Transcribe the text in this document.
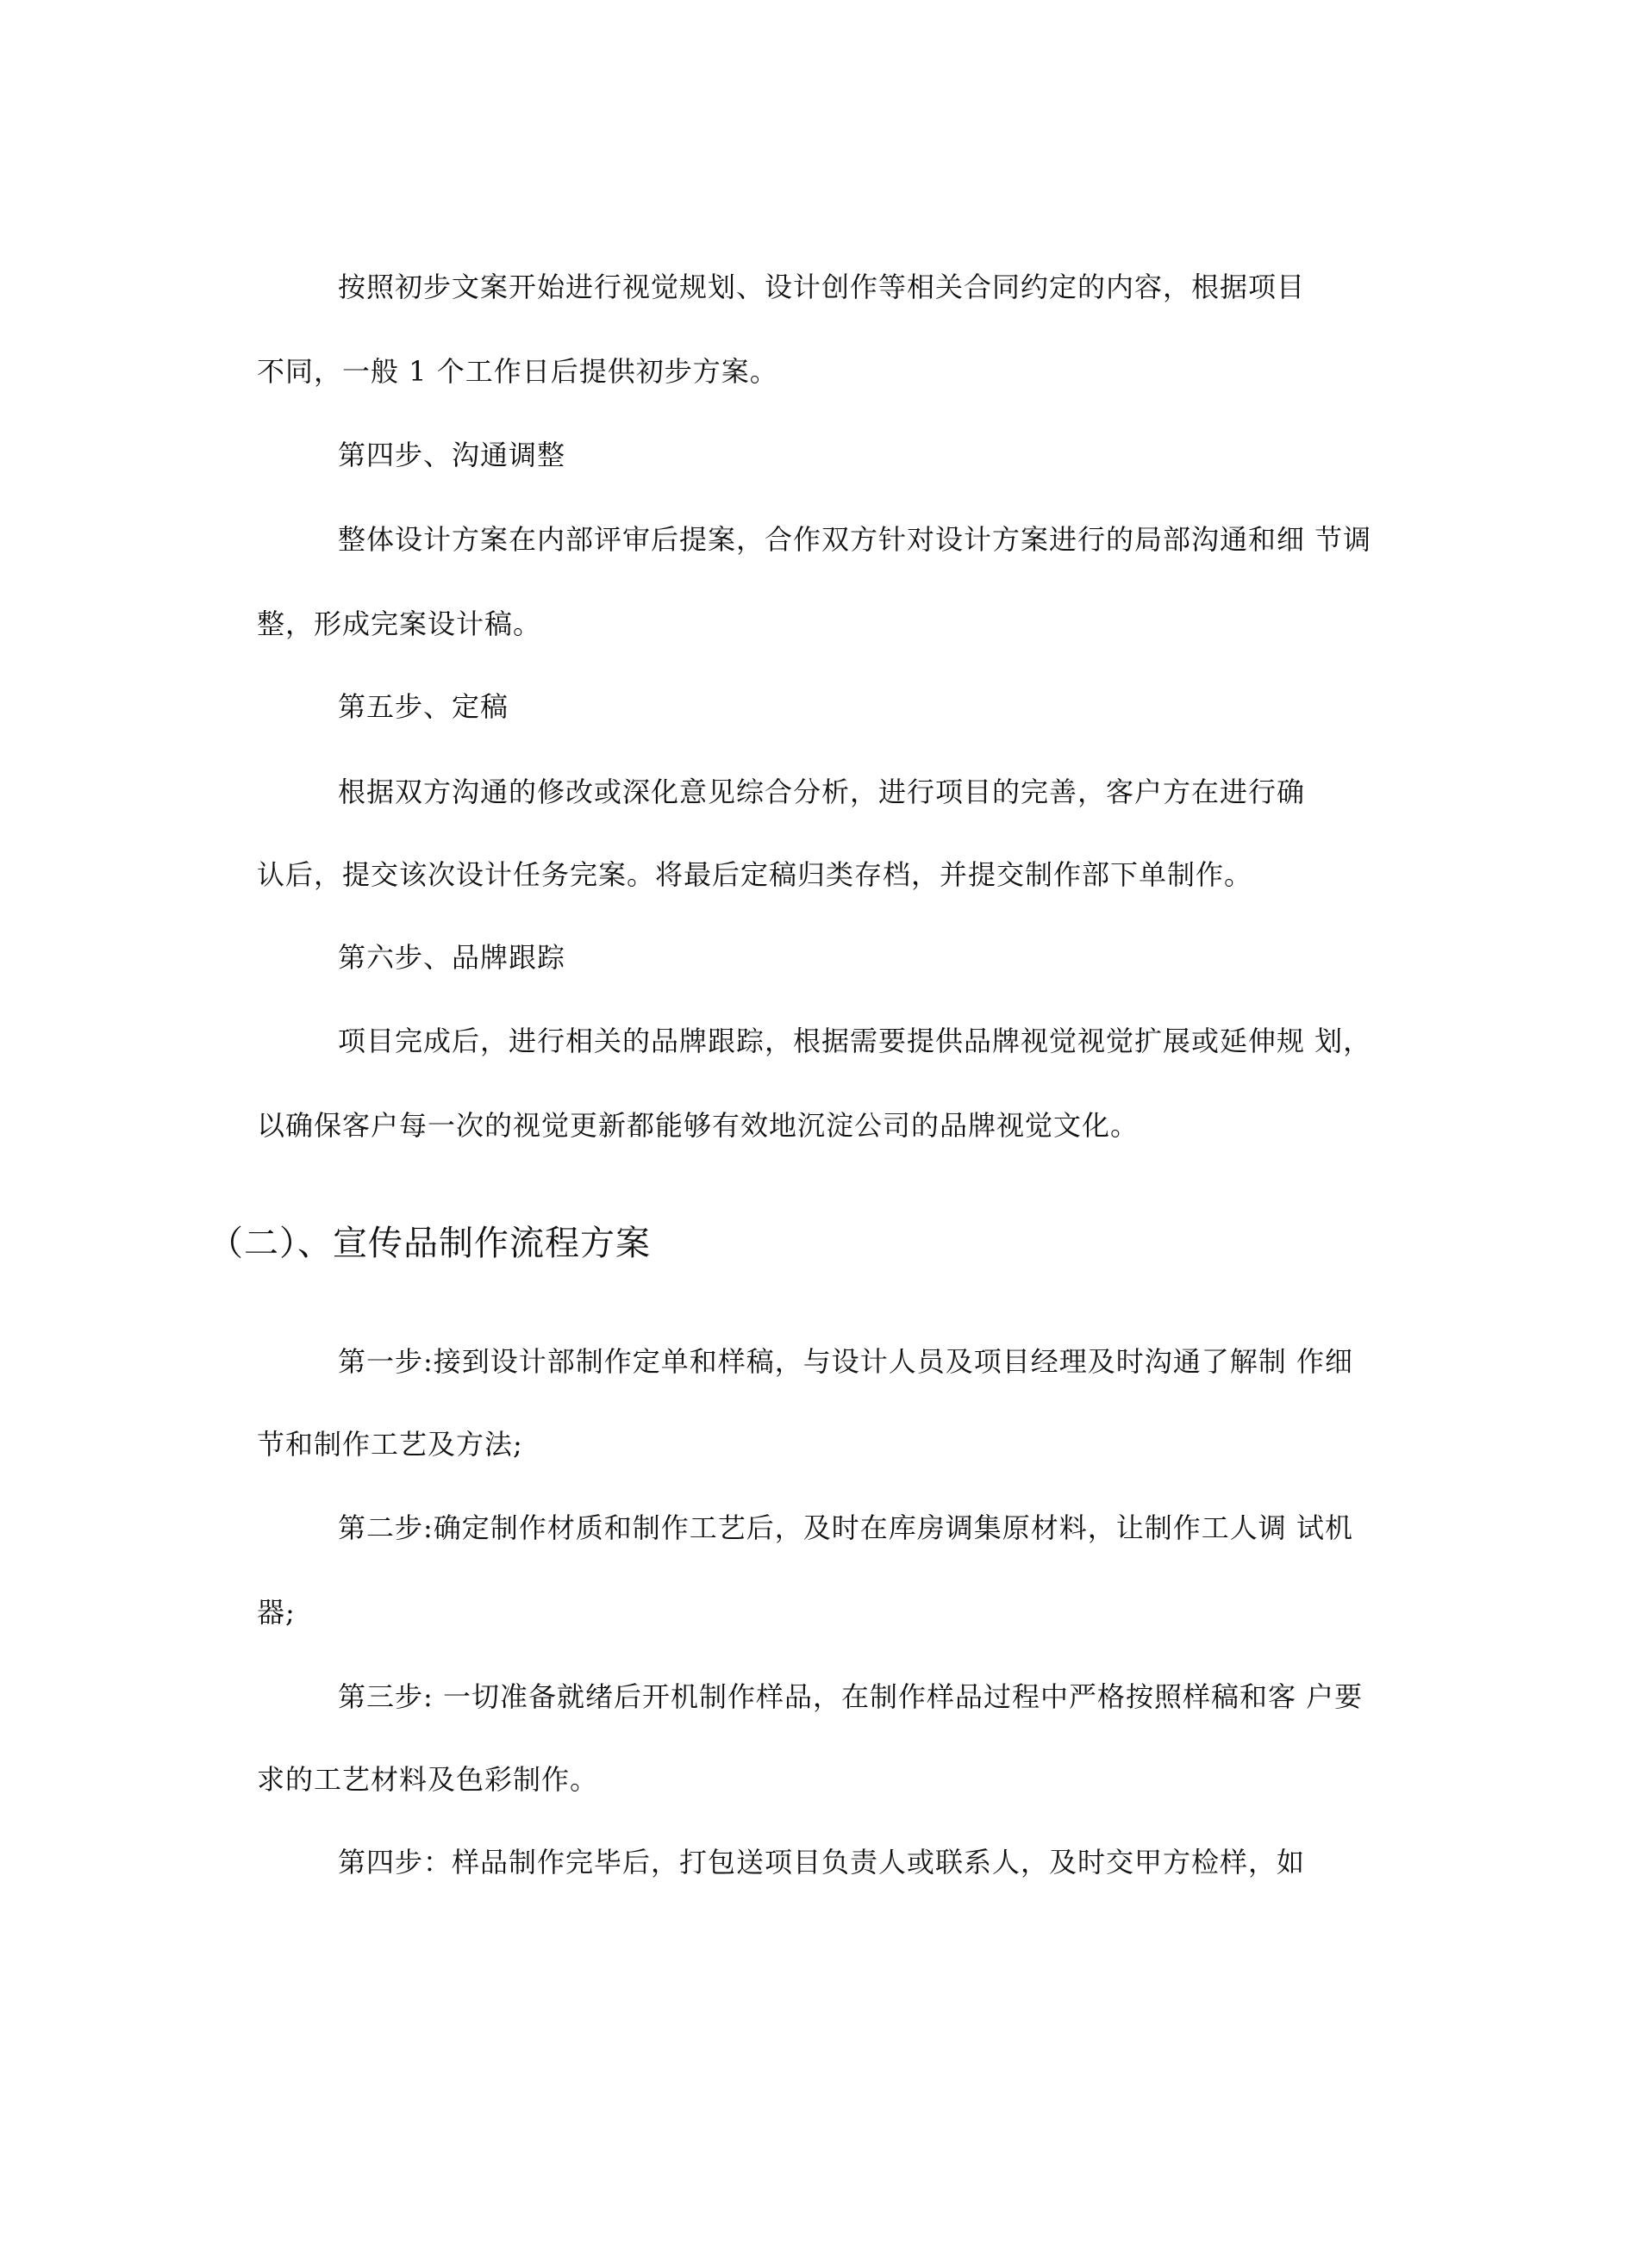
按照初步文案开始进行视觉规划、设计创作等相关合同约定的内容，根据项目
不同，一般 1 个工作日后提供初步方案。
第四步、沟通调整
整体设计方案在内部评审后提案，合作双方针对设计方案进行的局部沟通和细 节调
整，形成完案设计稿。
第五步、定稿
根据双方沟通的修改或深化意见综合分析，进行项目的完善，客户方在进行确
认后，提交该次设计任务完案。将最后定稿归类存档，并提交制作部下单制作。
第六步、品牌跟踪
项目完成后，进行相关的品牌跟踪，根据需要提供品牌视觉视觉扩展或延伸规 划，
以确保客户每一次的视觉更新都能够有效地沉淀公司的品牌视觉文化。
（二）、宣传品制作流程方案
第一步:接到设计部制作定单和样稿，与设计人员及项目经理及时沟通了解制 作细
节和制作工艺及方法;
第二步:确定制作材质和制作工艺后，及时在库房调集原材料，让制作工人调 试机
器;
第三步: 一切准备就绪后开机制作样品，在制作样品过程中严格按照样稿和客 户要
求的工艺材料及色彩制作。
第四步：样品制作完毕后，打包送项目负责人或联系人，及时交甲方检样，如
